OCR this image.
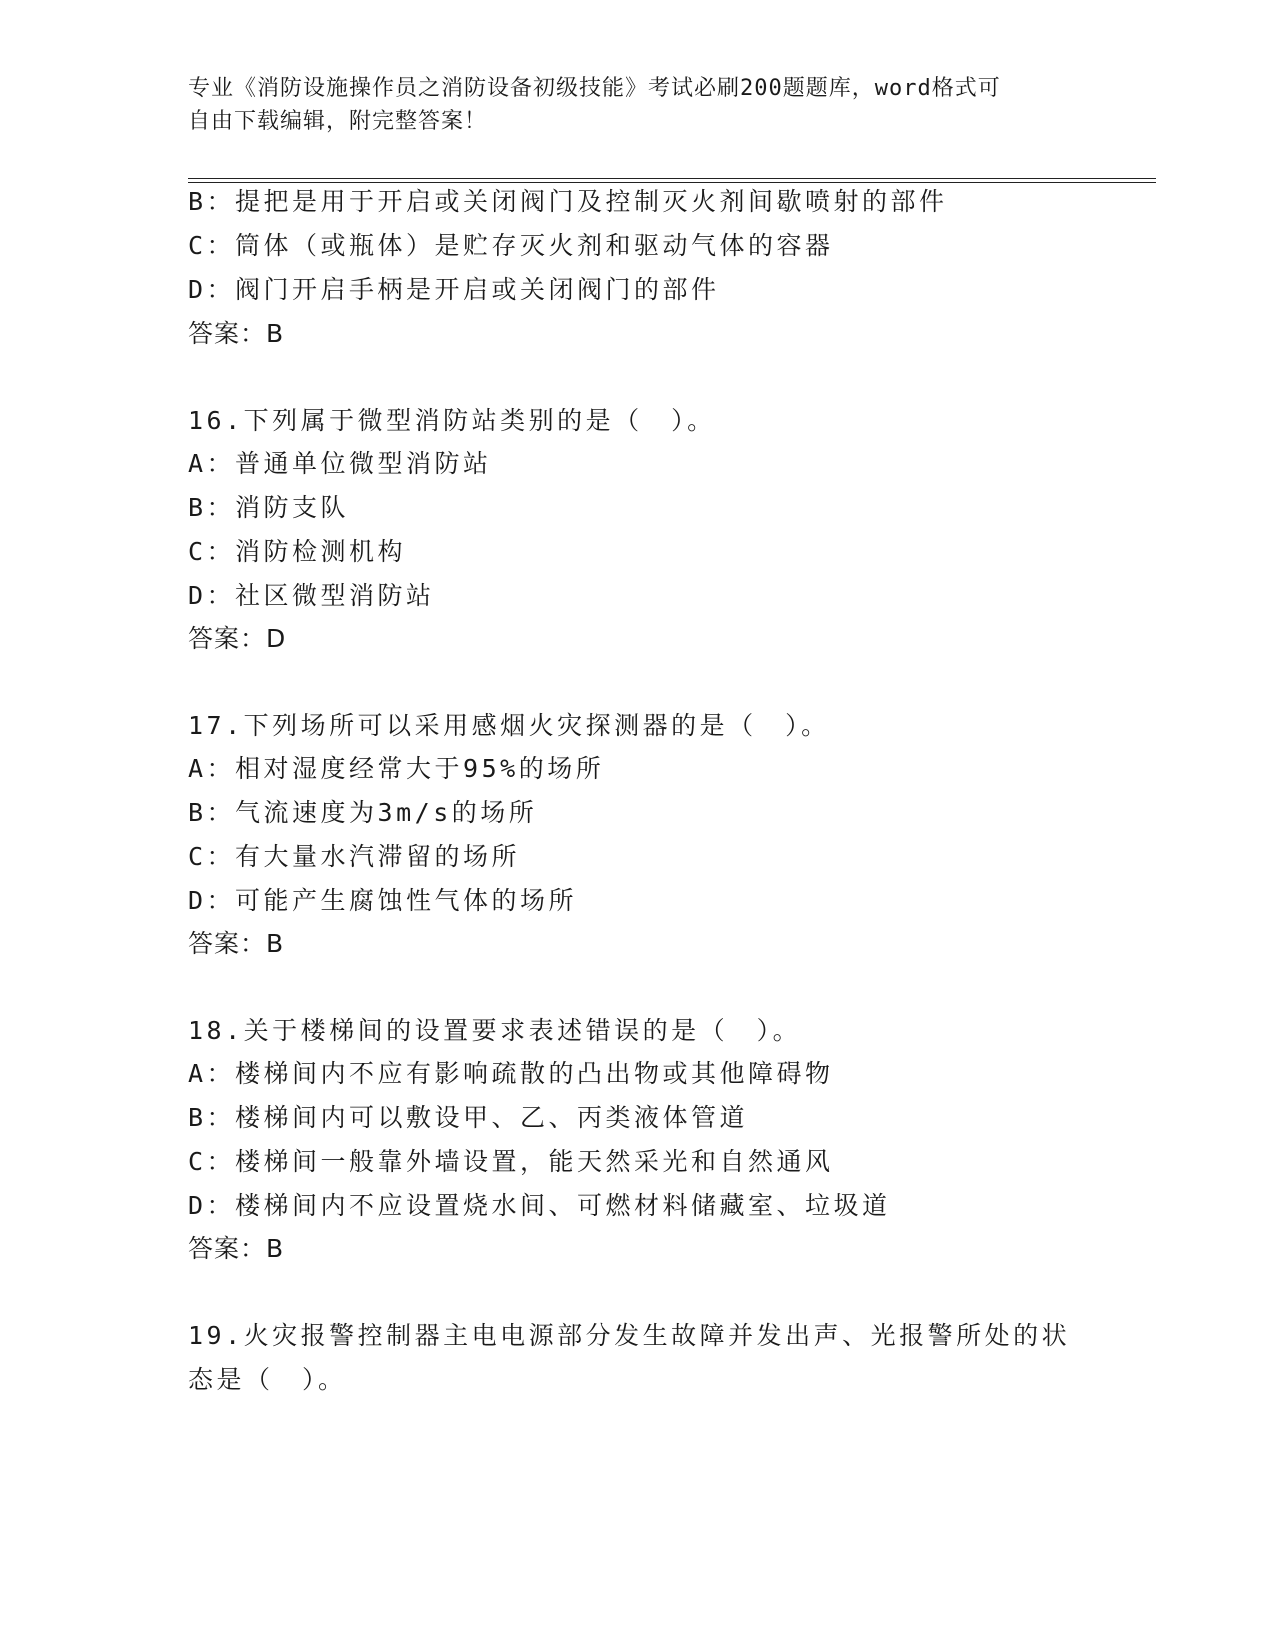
专业《消防设施操作员之消防设备初级技能》考试必刷200题题库，word格式可
自由下载编辑，附完整答案！
B：提把是用于开启或关闭阀门及控制灭火剂间歇喷射的部件
C：筒体（或瓶体）是贮存灭火剂和驱动气体的容器
D：阀门开启手柄是开启或关闭阀门的部件
答案：B
16.下列属于微型消防站类别的是（　）。
A：普通单位微型消防站
B：消防支队
C：消防检测机构
D：社区微型消防站
答案：D
17.下列场所可以采用感烟火灾探测器的是（　）。
A：相对湿度经常大于95%的场所
B：气流速度为3m/s的场所
C：有大量水汽滞留的场所
D：可能产生腐蚀性气体的场所
答案：B
18.关于楼梯间的设置要求表述错误的是（　）。
A：楼梯间内不应有影响疏散的凸出物或其他障碍物
B：楼梯间内可以敷设甲、乙、丙类液体管道
C：楼梯间一般靠外墙设置，能天然采光和自然通风
D：楼梯间内不应设置烧水间、可燃材料储藏室、垃圾道
答案：B
19.火灾报警控制器主电电源部分发生故障并发出声、光报警所处的状
态是（　）。
